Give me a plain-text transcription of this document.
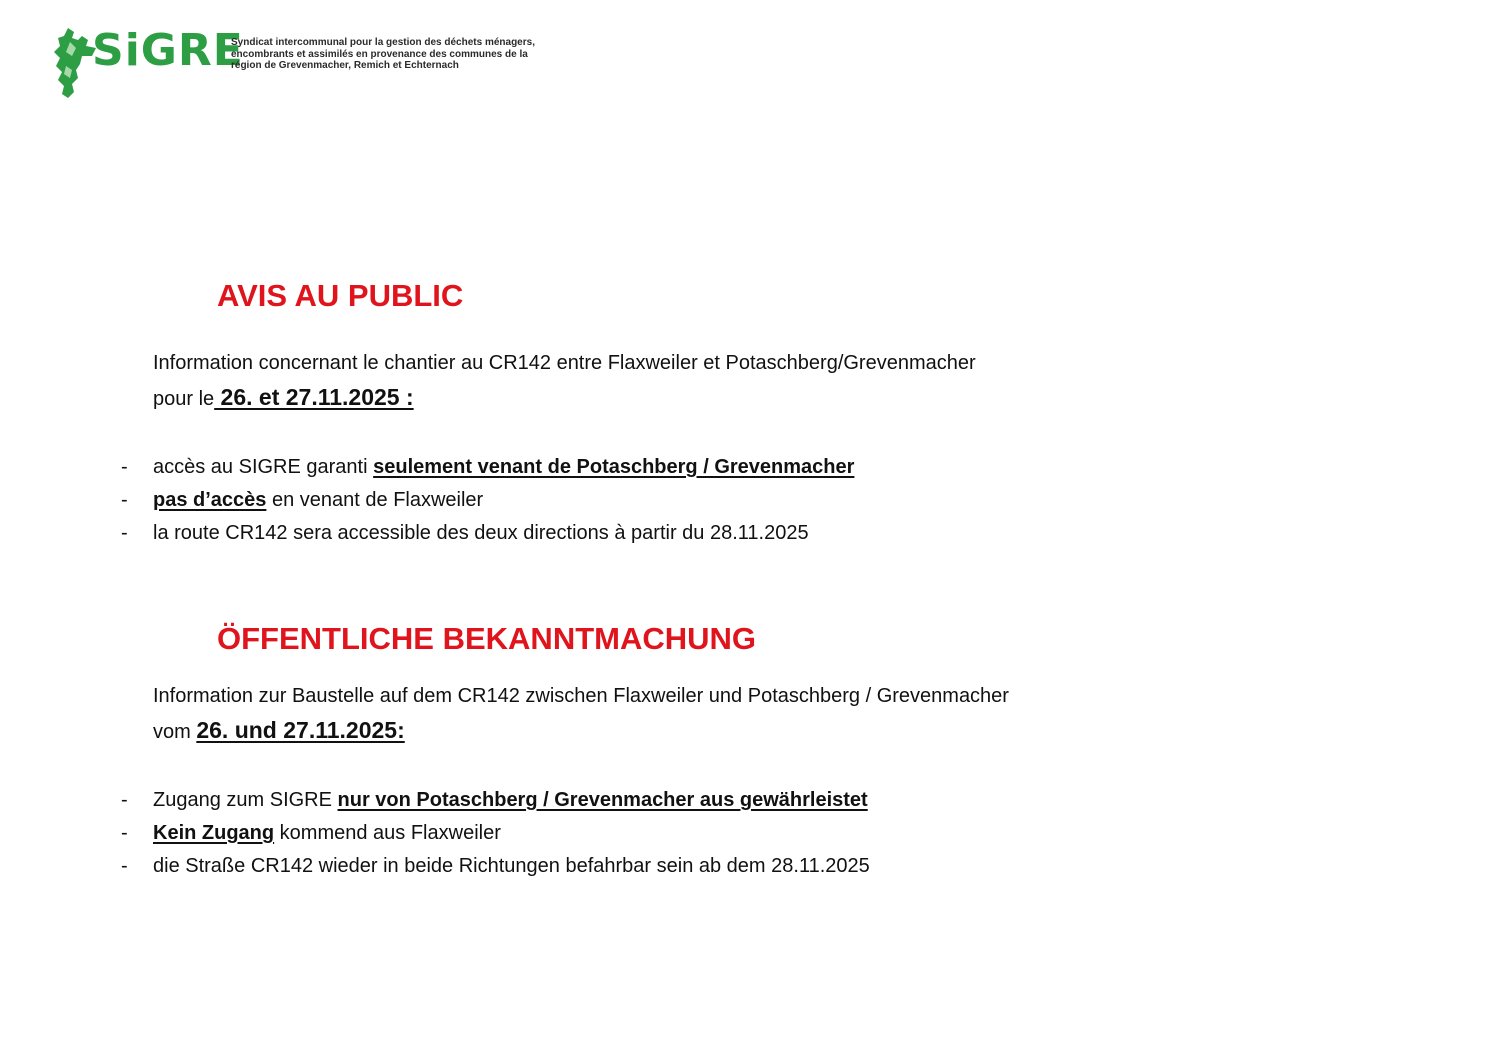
SiGRE
Syndicat intercommunal pour la gestion des déchets ménagers,
encombrants et assimilés en provenance des communes de la
région de Grevenmacher, Remich et Echternach
AVIS AU PUBLIC
Information concernant le chantier au CR142 entre Flaxweiler et Potaschberg/Grevenmacher
pour le 26. et 27.11.2025 :
- accès au SIGRE garanti seulement venant de Potaschberg / Grevenmacher
- pas d’accès en venant de Flaxweiler
- la route CR142 sera accessible des deux directions à partir du 28.11.2025
ÖFFENTLICHE BEKANNTMACHUNG
Information zur Baustelle auf dem CR142 zwischen Flaxweiler und Potaschberg / Grevenmacher
vom 26. und 27.11.2025:
- Zugang zum SIGRE nur von Potaschberg / Grevenmacher aus gewährleistet
- Kein Zugang kommend aus Flaxweiler
- die Straße CR142 wieder in beide Richtungen befahrbar sein ab dem 28.11.2025
